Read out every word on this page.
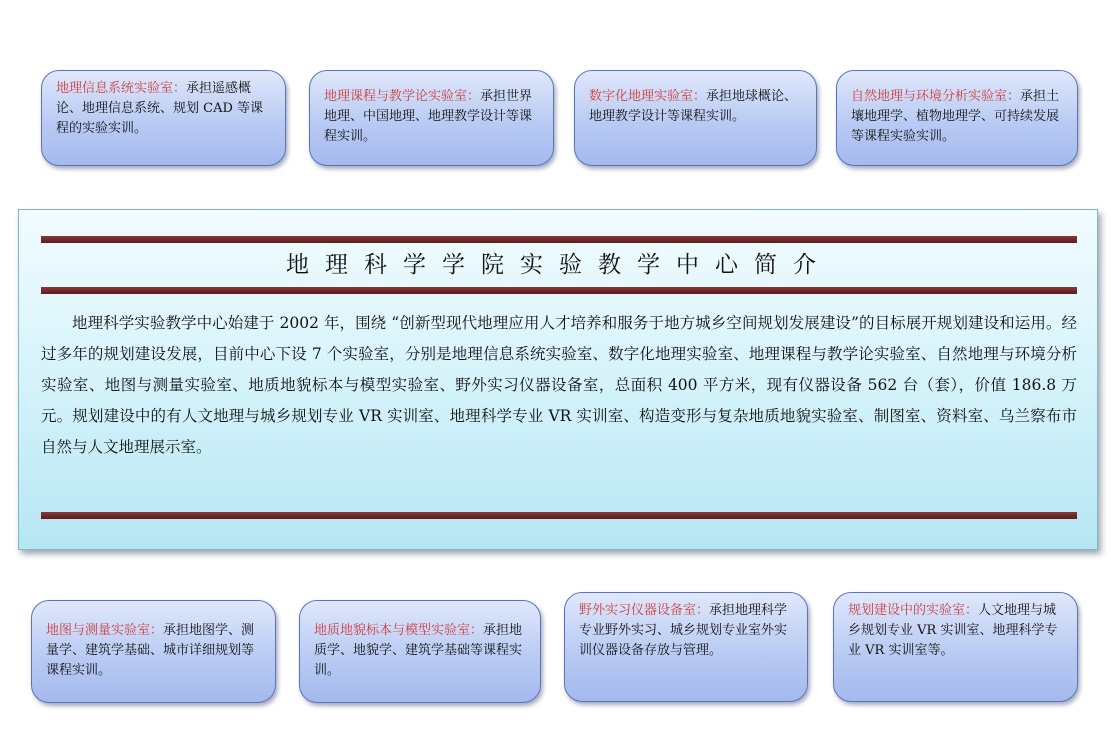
地理信息系统实验室：承担遥感概论、地理信息系统、规划 CAD 等课程的实验实训。
地理课程与教学论实验室：承担世界地理、中国地理、地理教学设计等课程实训。
数字化地理实验室：承担地球概论、地理教学设计等课程实训。
自然地理与环境分析实验室：承担土壤地理学、植物地理学、可持续发展等课程实验实训。
地理科学学院实验教学中心简介
地理科学实验教学中心始建于 2002 年，围绕 “创新型现代地理应用人才培养和服务于地方城乡空间规划发展建设”的目标展开规划建设和运用。经过多年的规划建设发展，目前中心下设 7 个实验室，分别是地理信息系统实验室、数字化地理实验室、地理课程与教学论实验室、自然地理与环境分析实验室、地图与测量实验室、地质地貌标本与模型实验室、野外实习仪器设备室，总面积 400 平方米，现有仪器设备 562 台（套），价值 186.8 万元。规划建设中的有人文地理与城乡规划专业 VR 实训室、地理科学专业 VR 实训室、构造变形与复杂地质地貌实验室、制图室、资料室、乌兰察布市自然与人文地理展示室。
地图与测量实验室：承担地图学、测量学、建筑学基础、城市详细规划等课程实训。
地质地貌标本与模型实验室：承担地质学、地貌学、建筑学基础等课程实训。
野外实习仪器设备室：承担地理科学专业野外实习、城乡规划专业室外实训仪器设备存放与管理。
规划建设中的实验室：人文地理与城乡规划专业 VR 实训室、地理科学专业 VR 实训室等。
